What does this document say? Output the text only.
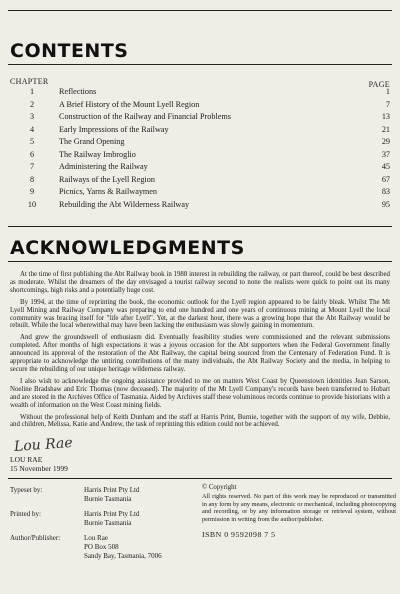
CONTENTS
CHAPTER	PAGE
1	Reflections	1
2	A Brief History of the Mount Lyell Region	7
3	Construction of the Railway and Financial Problems	13
4	Early Impressions of the Railway	21
5	The Grand Opening	29
6	The Railway Imbroglio	37
7	Administering the Railway	45
8	Railways of the Lyell Region	67
9	Picnics, Yarns & Railwaymen	83
10	Rebuilding the Abt Wilderness Railway	95
ACKNOWLEDGMENTS

At the time of first publishing the Abt Railway book in 1988 interest in rebuilding the railway, or part thereof, could be best described as moderate. Whilst the dreamers of the day envisaged a tourist railway second to none the realists were quick to point out its many shortcomings, high risks and a potentially huge cost.

By 1994, at the time of reprinting the book, the economic outlook for the Lyell region appeared to be fairly bleak. Whilst The Mt Lyell Mining and Railway Company was preparing to end one hundred and one years of continuous mining at Mount Lyell the local community was bracing itself for "life after Lyell". Yet, at the darkest hour, there was a growing hope that the Abt Railway would be rebuilt. While the local wherewithal may have been lacking the enthusiasm was slowly gaining in momentum.

And grew the groundswell of enthusiasm did. Eventually feasibility studies were commissioned and the relevant submissions completed. After months of high expectations it was a joyous occasion for the Abt supporters when the Federal Government finally announced its approval of the restoration of the Abt Railway, the capital being sourced from the Centenary of Federation Fund. It is appropriate to acknowledge the untiring contributions of the many individuals, the Abt Railway Society and the media, in helping to secure the rebuilding of our unique heritage wilderness railway.

I also wish to acknowledge the ongoing assistance provided to me on matters West Coast by Queenstown identities Jean Sarson, Noeline Bradshaw and Eric Thomas (now deceased). The majority of the Mt Lyell Company's records have been transferred to Hobart and are stored in the Archives Office of Tasmania. Aided by Archives staff these voluminous records continue to provide historians with a wealth of information on the West Coast mining fields.

Without the professional help of Keith Dunham and the staff at Harris Print, Burnie, together with the support of my wife, Debbie, and children, Melissa, Katie and Andrew, the task of reprinting this edition could not be achieved.

Lou Rae
LOU RAE
15 November 1999
Typeset by:	Harris Print Pty Ltd
Burnie Tasmania
Printed by:	Harris Print Pty Ltd
Burnie Tasmania
Author/Publisher:	Lou Rae
PO Box 508
Sandy Bay, Tasmania, 7006
© Copyright
All rights reserved. No part of this work may be reproduced or transmitted in any form by any means, electronic or mechanical, including photocopying and recording, or by any information storage or retrieval system, without permission in writing from the author/publisher.
ISBN 0 9592098 7 5
